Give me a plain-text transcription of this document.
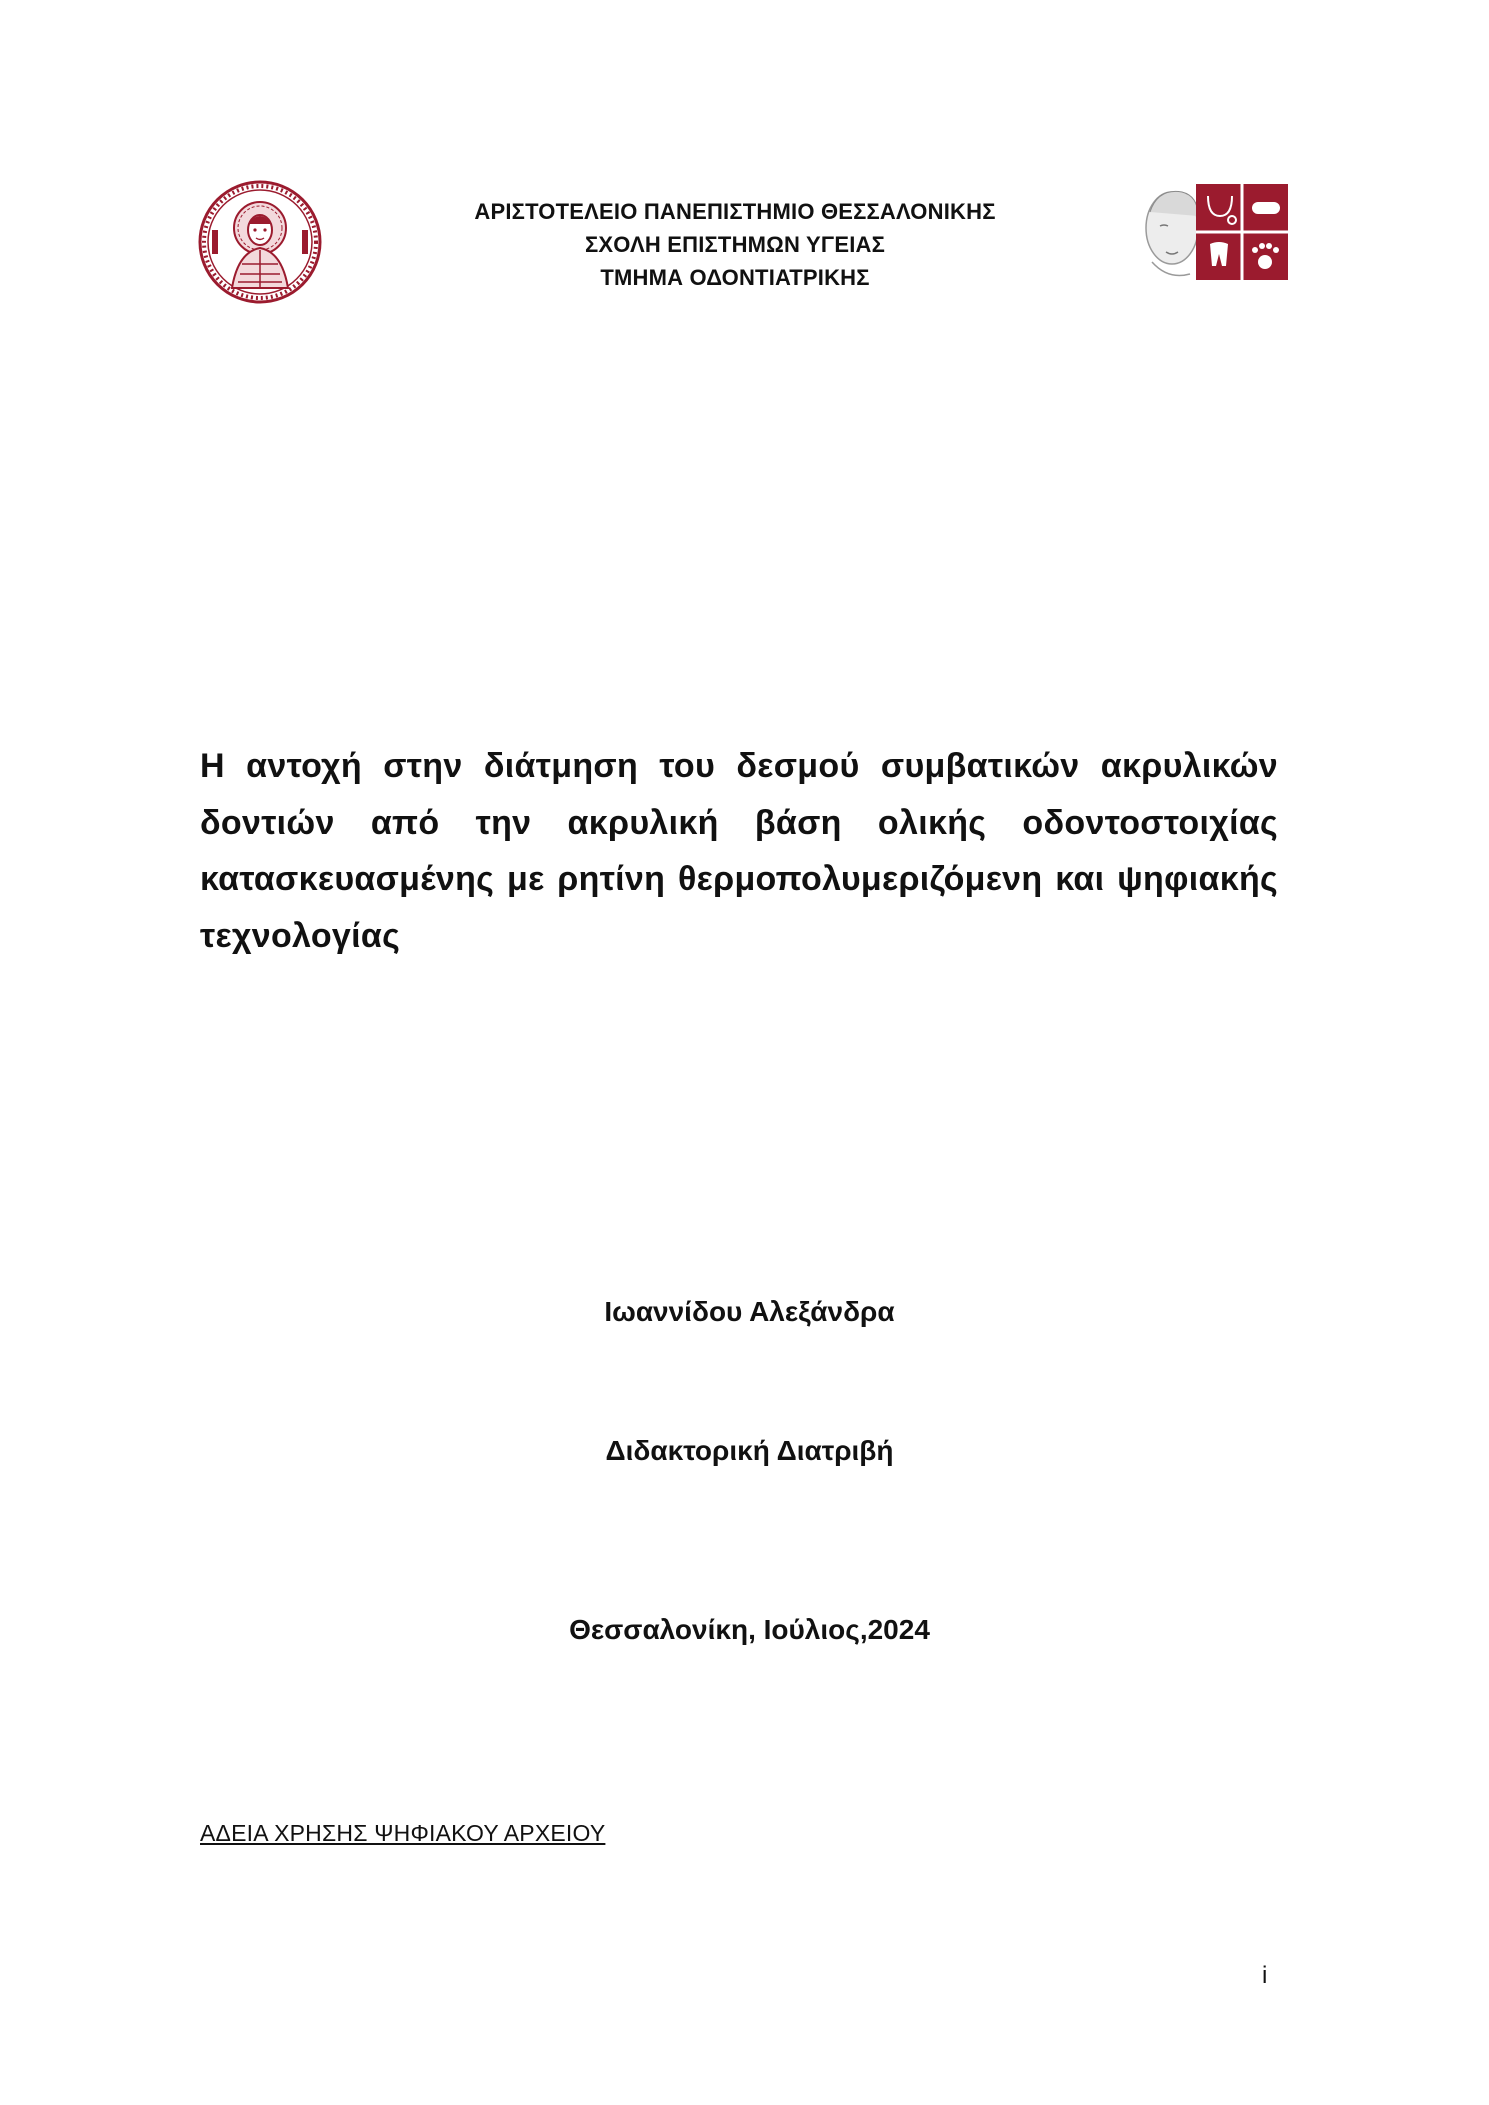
ΑΡΙΣΤΟΤΕΛΕΙΟ ΠΑΝΕΠΙΣΤΗΜΙΟ ΘΕΣΣΑΛΟΝΙΚΗΣ
ΣΧΟΛΗ ΕΠΙΣΤΗΜΩΝ ΥΓΕΙΑΣ
ΤΜΗΜΑ ΟΔΟΝΤΙΑΤΡΙΚΗΣ
Η αντοχή στην διάτμηση του δεσμού συμβατικών ακρυλικών δοντιών από την ακρυλική βάση ολικής οδοντοστοιχίας κατασκευασμένης με ρητίνη θερμοπολυμεριζόμενη και ψηφιακής τεχνολογίας
Ιωαννίδου Αλεξάνδρα
Διδακτορική Διατριβή
Θεσσαλονίκη, Ιούλιος,2024
ΑΔΕΙΑ ΧΡΗΣΗΣ ΨΗΦΙΑΚΟΥ ΑΡΧΕΙΟΥ
i
